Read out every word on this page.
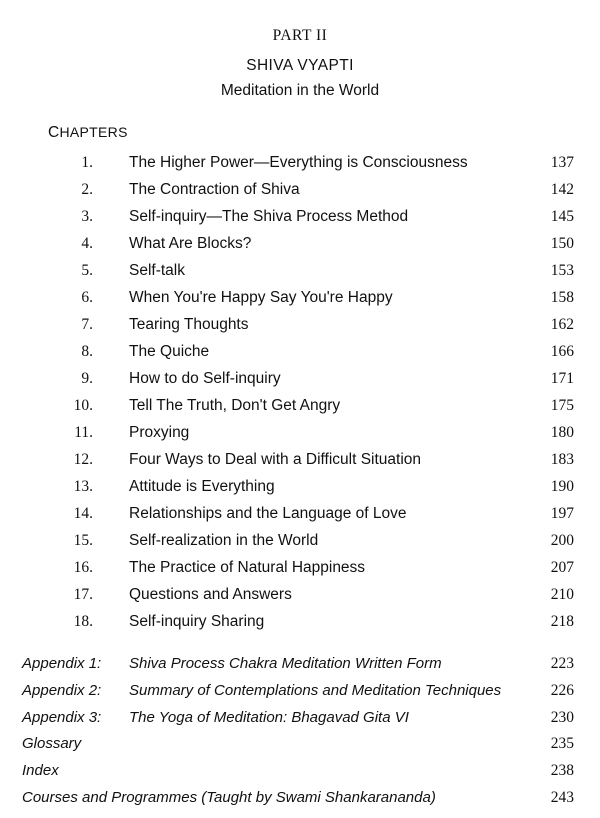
PART II
SHIVA VYAPTI
Meditation in the World
CHAPTERS
1. The Higher Power—Everything is Consciousness	137
2. The Contraction of Shiva	142
3. Self-inquiry—The Shiva Process Method	145
4. What Are Blocks?	150
5. Self-talk	153
6. When You're Happy Say You're Happy	158
7. Tearing Thoughts	162
8. The Quiche	166
9. How to do Self-inquiry	171
10. Tell The Truth, Don't Get Angry	175
11. Proxying	180
12. Four Ways to Deal with a Difficult Situation	183
13. Attitude is Everything	190
14. Relationships and the Language of Love	197
15. Self-realization in the World	200
16. The Practice of Natural Happiness	207
17. Questions and Answers	210
18. Self-inquiry Sharing	218
Appendix 1: Shiva Process Chakra Meditation Written Form	223
Appendix 2: Summary of Contemplations and Meditation Techniques	226
Appendix 3: The Yoga of Meditation: Bhagavad Gita VI	230
Glossary	235
Index	238
Courses and Programmes (Taught by Swami Shankarananda)	243
